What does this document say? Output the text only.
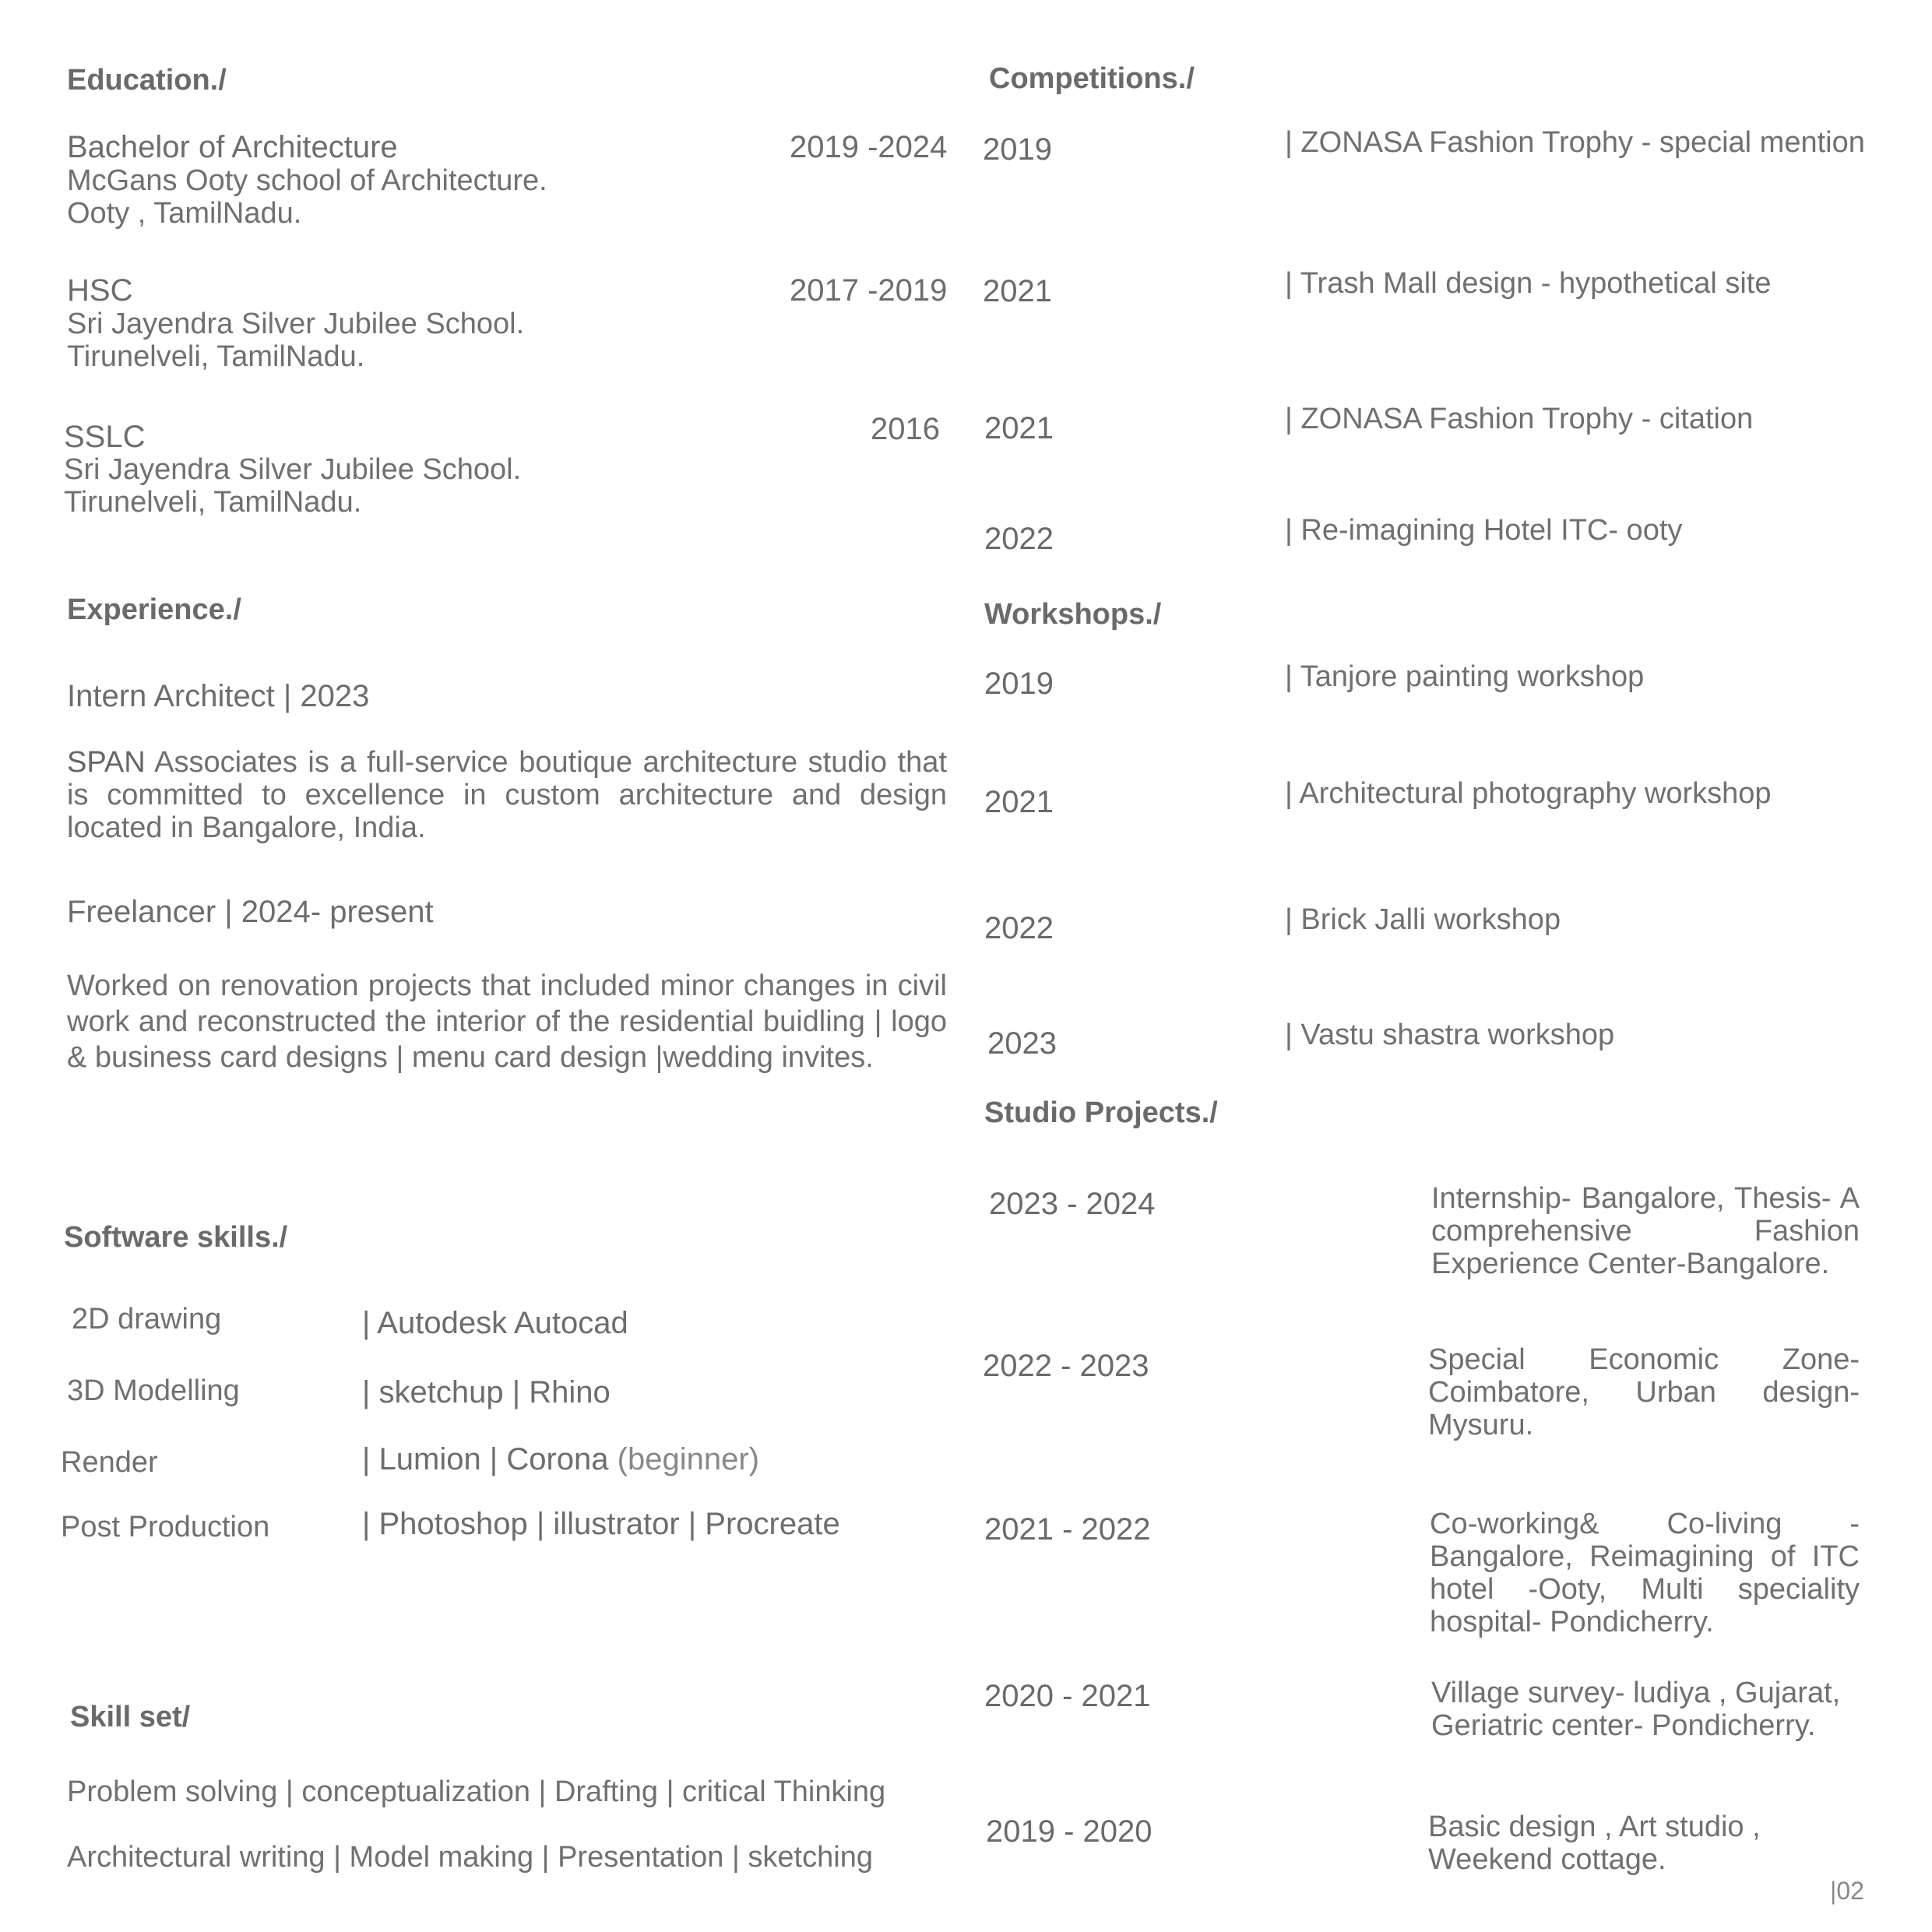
Education./
Bachelor of Architecture	2019 -2024
McGans Ooty school of Architecture.
Ooty , TamilNadu.
HSC	2017 -2019
Sri Jayendra Silver Jubilee School.
Tirunelveli, TamilNadu.
SSLC	2016
Sri Jayendra Silver Jubilee School.
Tirunelveli, TamilNadu.
Experience./
Intern Architect | 2023
SPAN Associates is a full-service boutique architecture studio that is committed to excellence in custom architecture and design located in Bangalore, India.
Freelancer | 2024- present
Worked on renovation projects that included minor changes in civil work and reconstructed the interior of the residential buidling | logo & business card designs | menu card design |wedding invites.
Software skills./
2D drawing	| Autodesk Autocad
3D Modelling	| sketchup | Rhino
Render	| Lumion | Corona (beginner)
Post Production	| Photoshop | illustrator | Procreate
Skill set/
Problem solving | conceptualization | Drafting | critical Thinking
Architectural writing | Model making | Presentation | sketching
Competitions./
2019	| ZONASA Fashion Trophy - special mention
2021	| Trash Mall design - hypothetical site
2021	| ZONASA Fashion Trophy - citation
2022	| Re-imagining Hotel ITC- ooty
Workshops./
2019	| Tanjore painting workshop
2021	| Architectural photography workshop
2022	| Brick Jalli workshop
2023	| Vastu shastra workshop
Studio Projects./
2023 - 2024	Internship- Bangalore, Thesis- A comprehensive Fashion Experience Center-Bangalore.
2022 - 2023	Special Economic Zone- Coimbatore, Urban design- Mysuru.
2021 - 2022	Co-working& Co-living -Bangalore, Reimagining of ITC hotel -Ooty, Multi speciality hospital- Pondicherry.
2020 - 2021	Village survey- ludiya , Gujarat, Geriatric center- Pondicherry.
2019 - 2020	Basic design , Art studio , Weekend cottage.
|02
